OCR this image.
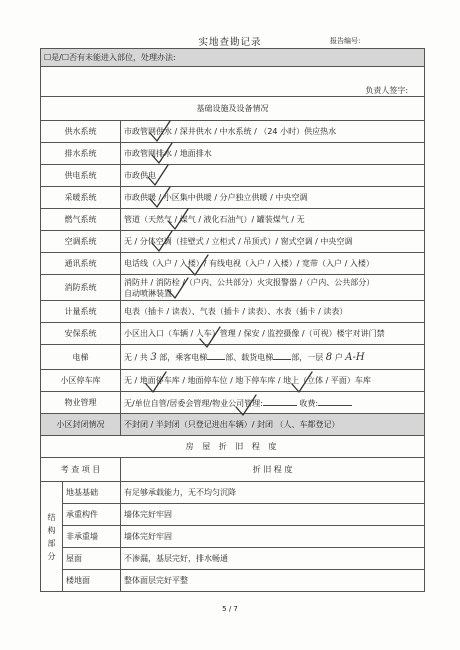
实地查勘记录	报告编号:
☐是/☐否有未能进入部位，处理办法:		
负责人签字:		
基础设施及设备情况		
供水系统		市政管网供水 / 深井供水 / 中水系统 / （24 小时）供应热水
排水系统		市政管网排水 / 地面排水
供电系统		市政供电
采暖系统		市政供暖 / 小区集中供暖 / 分户独立供暖 / 中央空调
燃气系统		管道（天然气 / 煤气 / 液化石油气）/ 罐装煤气 / 无
空调系统		无 / 分体空调（挂壁式 / 立柜式 / 吊顶式）/ 窗式空调 / 中央空调
通讯系统		电话线（入户 / 入楼）/ 有线电视（入户 / 入楼）/ 宽带（入户 / 入楼）
消防系统		消防井 / 消防栓 /（户内、公共部分）火灾报警器 /（户内、公共部分）
自动喷淋装置

计量系统		电表（插卡 / 读表）、气表（插卡 / 读表）、水表（插卡 / 读表）
安保系统		小区出入口（车辆 / 人车）管理 / 保安 / 监控摄像 /（可视）楼宇对讲门禁
电梯		无 / 共 3 部，乘客电梯 部、载货电梯 部，一层 8 户 A-H
小区停车库		无 / 地面停车库 / 地面停车位 / 地下停车库 / 地上（立体 / 平面）车库
物业管理		无/单位自管/居委会管理/物业公司管理: 收费:
小区封闭情况		不封闭 / 半封闭（只登记进出车辆）/ 封闭 （人、车都登记）
房 屋 折 旧 程 度		
考 查 项 目		折 旧 程 度

结
构
部
分	地基基础	有足够承载能力，无不均匀沉降
	承重构件	墙体完好牢固
	非承重墙	墙体完好牢固
	屋面	不渗漏，基层完好，排水畅通
	楼地面	整体面层完好平整
5 / 7
